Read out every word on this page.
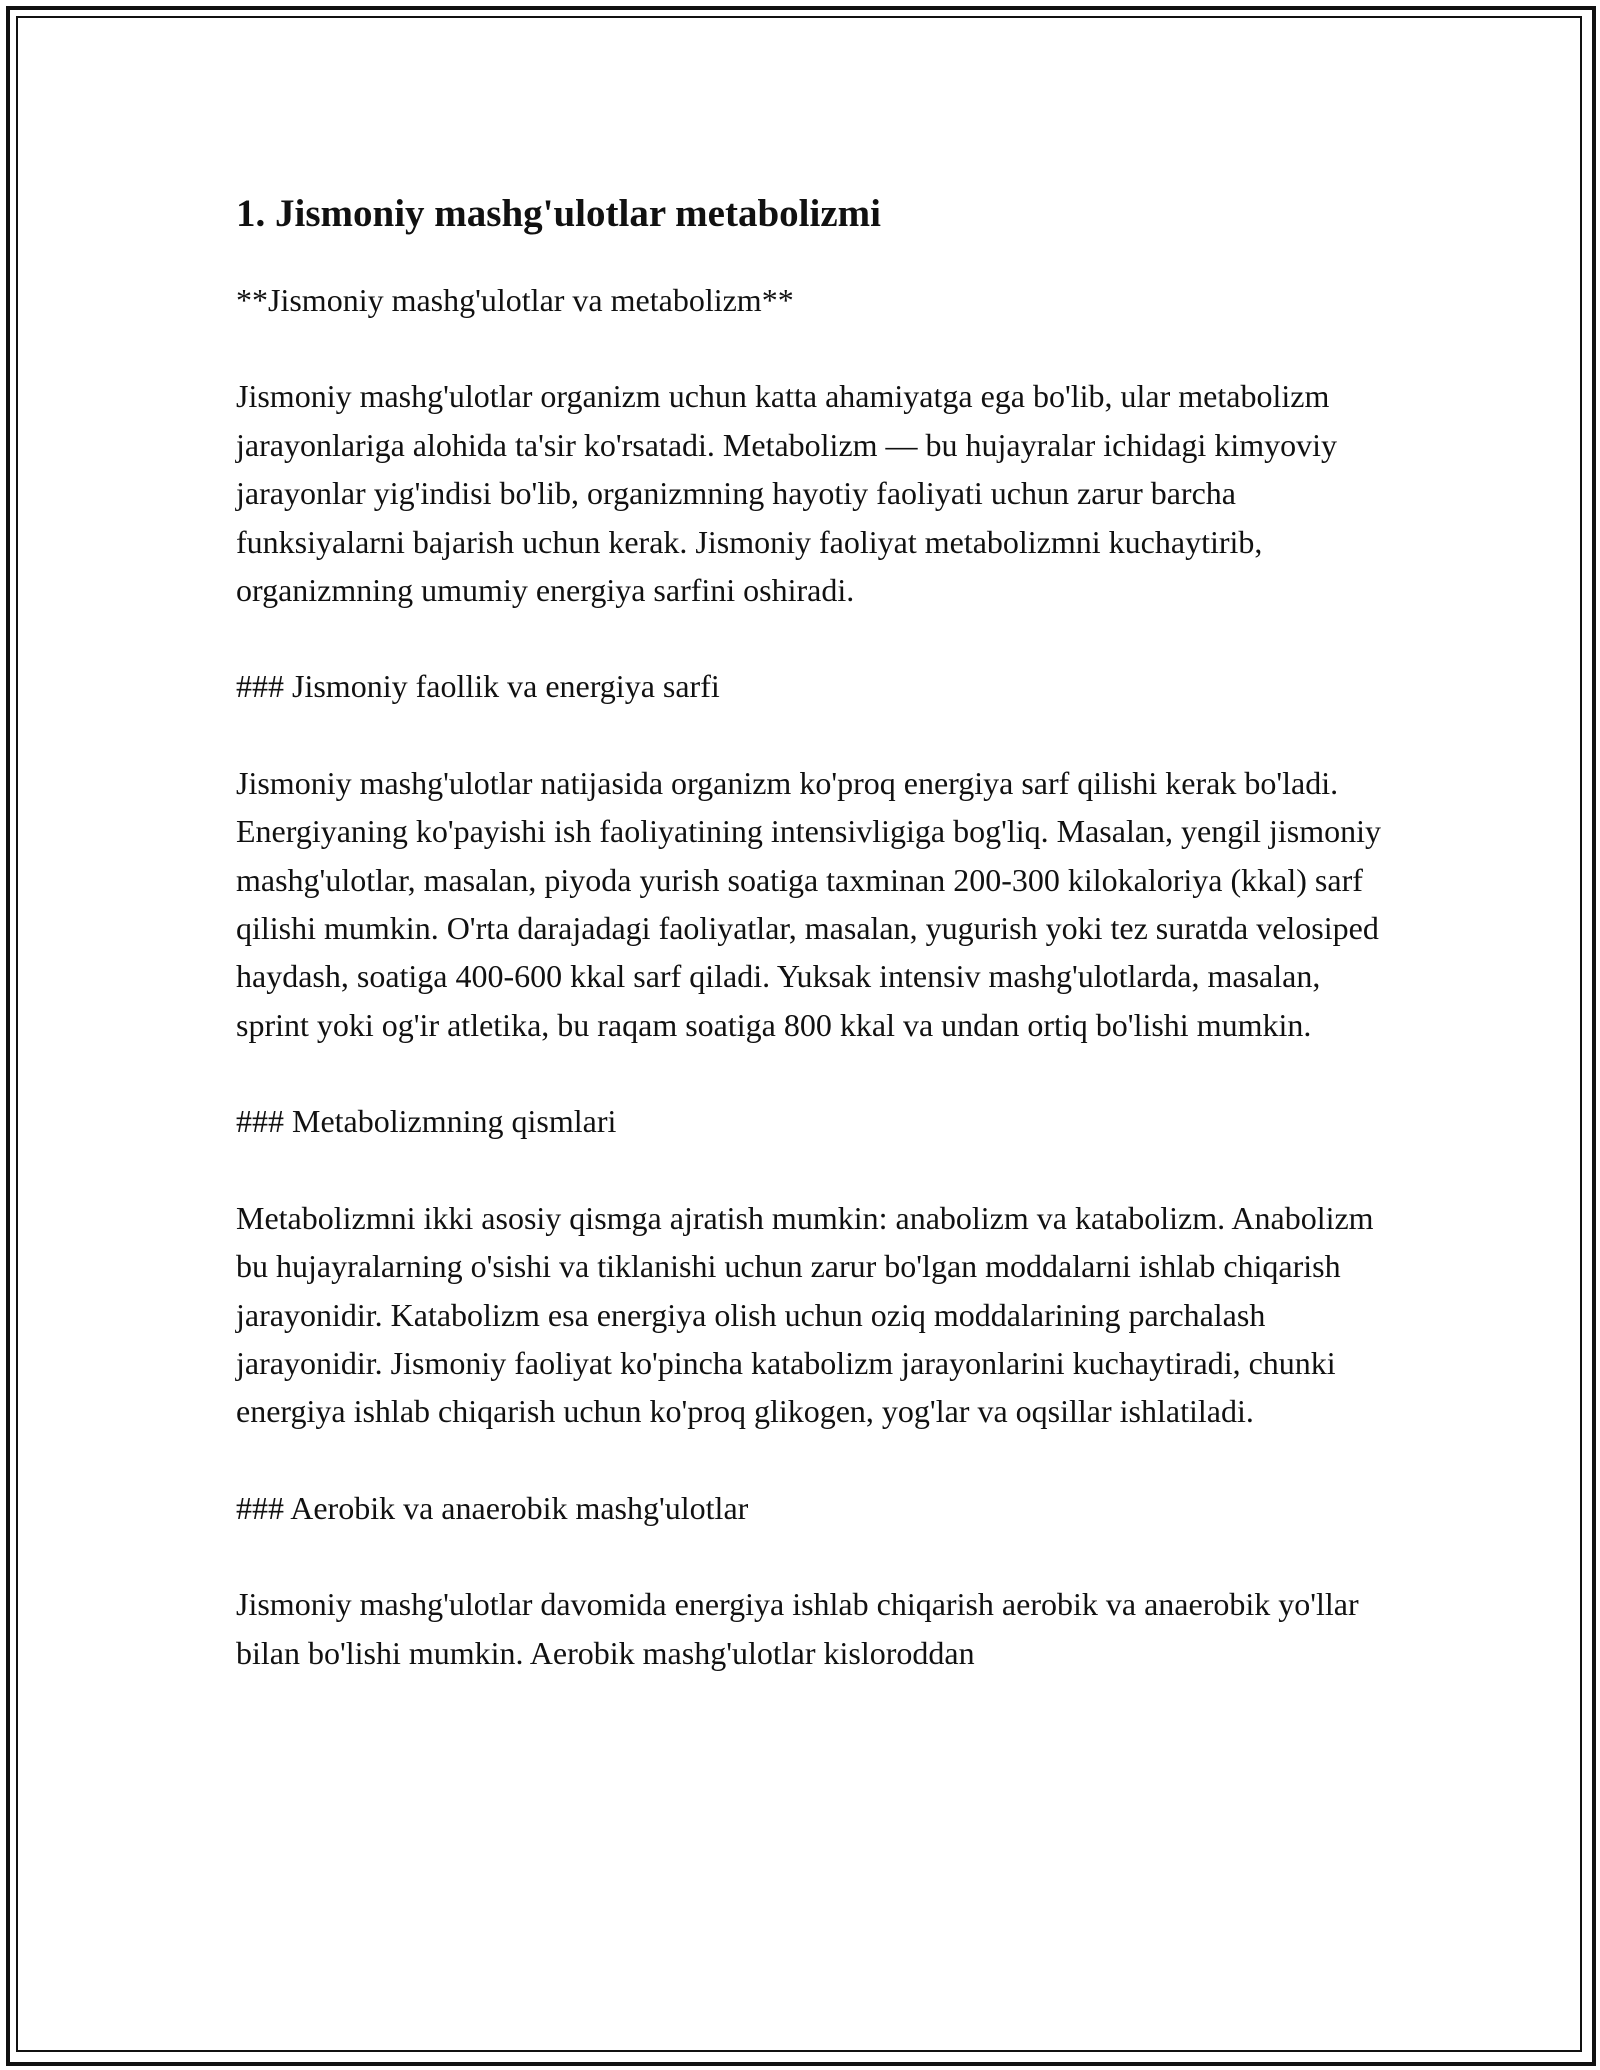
1. Jismoniy mashg'ulotlar metabolizmi

**Jismoniy mashg'ulotlar va metabolizm**

Jismoniy mashg'ulotlar organizm uchun katta ahamiyatga ega bo'lib, ular metabolizm jarayonlariga alohida ta'sir ko'rsatadi. Metabolizm — bu hujayralar ichidagi kimyoviy jarayonlar yig'indisi bo'lib, organizmning hayotiy faoliyati uchun zarur barcha funksiyalarni bajarish uchun kerak. Jismoniy faoliyat metabolizmni kuchaytirib, organizmning umumiy energiya sarfini oshiradi.

### Jismoniy faollik va energiya sarfi

Jismoniy mashg'ulotlar natijasida organizm ko'proq energiya sarf qilishi kerak bo'ladi. Energiyaning ko'payishi ish faoliyatining intensivligiga bog'liq. Masalan, yengil jismoniy mashg'ulotlar, masalan, piyoda yurish soatiga taxminan 200-300 kilokaloriya (kkal) sarf qilishi mumkin. O'rta darajadagi faoliyatlar, masalan, yugurish yoki tez suratda velosiped haydash, soatiga 400-600 kkal sarf qiladi. Yuksak intensiv mashg'ulotlarda, masalan, sprint yoki og'ir atletika, bu raqam soatiga 800 kkal va undan ortiq bo'lishi mumkin.

### Metabolizmning qismlari

Metabolizmni ikki asosiy qismga ajratish mumkin: anabolizm va katabolizm. Anabolizm bu hujayralarning o'sishi va tiklanishi uchun zarur bo'lgan moddalarni ishlab chiqarish jarayonidir. Katabolizm esa energiya olish uchun oziq moddalarining parchalash jarayonidir. Jismoniy faoliyat ko'pincha katabolizm jarayonlarini kuchaytiradi, chunki energiya ishlab chiqarish uchun ko'proq glikogen, yog'lar va oqsillar ishlatiladi.

### Aerobik va anaerobik mashg'ulotlar

Jismoniy mashg'ulotlar davomida energiya ishlab chiqarish aerobik va anaerobik yo'llar bilan bo'lishi mumkin. Aerobik mashg'ulotlar kisloroddan
